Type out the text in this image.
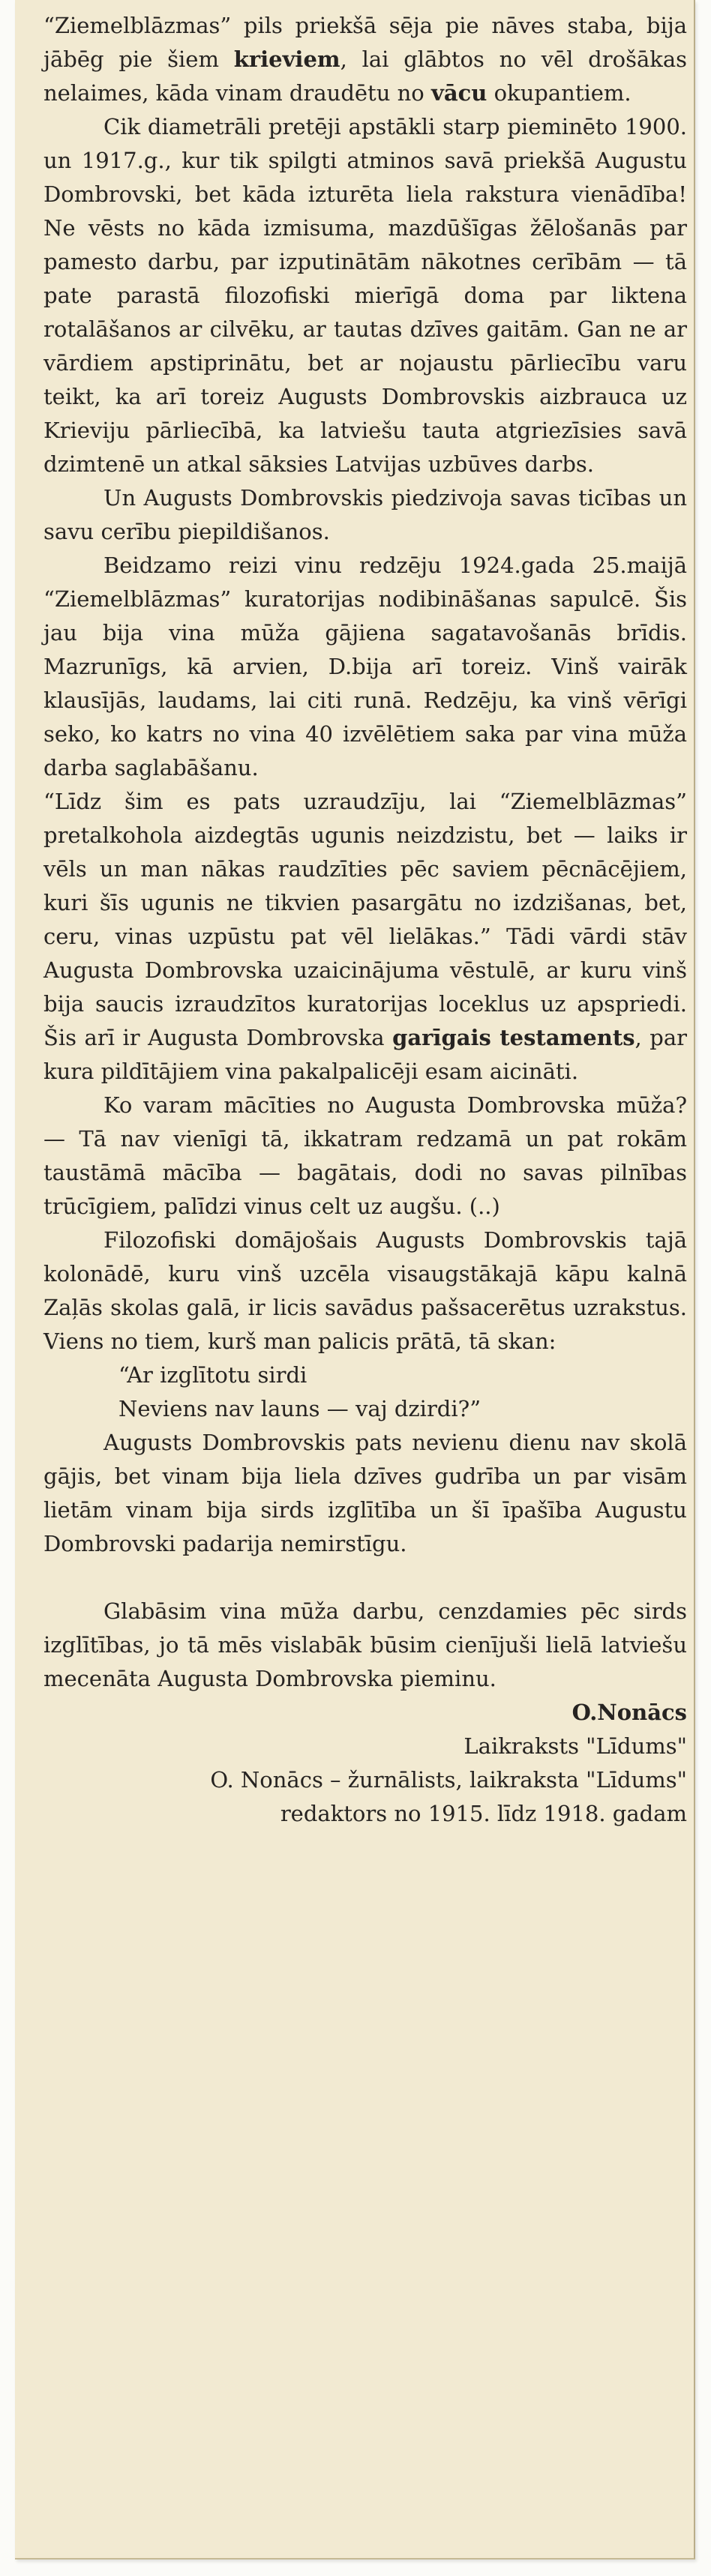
“Ziemelblāzmas” pils priekšā sēja pie nāves staba, bija jābēg pie šiem krieviem, lai glābtos no vēl drošākas nelaimes, kāda vinam draudētu no vācu okupantiem.

Cik diametrāli pretēji apstākli starp pieminēto 1900. un 1917.g., kur tik spilgti atminos savā priekšā Augustu Dombrovski, bet kāda izturēta liela rakstura vienādība! Ne vēsts no kāda izmisuma, mazdūšīgas žēlošanās par pamesto darbu, par izputinātām nākotnes cerībām — tā pate parastā filozofiski mierīgā doma par liktena rotalāšanos ar cilvēku, ar tautas dzīves gaitām. Gan ne ar vārdiem apstiprinātu, bet ar nojaustu pārliecību varu teikt, ka arī toreiz Augusts Dombrovskis aizbrauca uz Krieviju pārliecībā, ka latviešu tauta atgriezīsies savā dzimtenē un atkal sāksies Latvijas uzbūves darbs.

Un Augusts Dombrovskis piedzivoja savas ticības un savu cerību piepildišanos.

Beidzamo reizi vinu redzēju 1924.gada 25.maijā “Ziemelblāzmas” kuratorijas nodibināšanas sapulcē. Šis jau bija vina mūža gājiena sagatavošanās brīdis. Mazrunīgs, kā arvien, D.bija arī toreiz. Vinš vairāk klausījās, laudams, lai citi runā. Redzēju, ka vinš vērīgi seko, ko katrs no vina 40 izvēlētiem saka par vina mūža darba saglabāšanu.

“Līdz šim es pats uzraudzīju, lai “Ziemelblāzmas” pretalkohola aizdegtās ugunis neizdzistu, bet — laiks ir vēls un man nākas raudzīties pēc saviem pēcnācējiem, kuri šīs ugunis ne tikvien pasargātu no izdzišanas, bet, ceru, vinas uzpūstu pat vēl lielākas.” Tādi vārdi stāv Augusta Dombrovska uzaicinājuma vēstulē, ar kuru vinš bija saucis izraudzītos kuratorijas loceklus uz apspriedi. Šis arī ir Augusta Dombrovska garīgais testaments, par kura pildītājiem vina pakalpalicēji esam aicināti.

Ko varam mācīties no Augusta Dombrovska mūža? — Tā nav vienīgi tā, ikkatram redzamā un pat rokām taustāmā mācība — bagātais, dodi no savas pilnības trūcīgiem, palīdzi vinus celt uz augšu. (..)

Filozofiski domājošais Augusts Dombrovskis tajā kolonādē, kuru vinš uzcēla visaugstākajā kāpu kalnā Zaļās skolas galā, ir licis savādus pašsacerētus uzrakstus. Viens no tiem, kurš man palicis prātā, tā skan:

“Ar izglītotu sirdi

Neviens nav launs — vaj dzirdi?”

Augusts Dombrovskis pats nevienu dienu nav skolā gājis, bet vinam bija liela dzīves gudrība un par visām lietām vinam bija sirds izglītība un šī īpašība Augustu Dombrovski padarija nemirstīgu.

Glabāsim vina mūža darbu, cenzdamies pēc sirds izglītības, jo tā mēs vislabāk būsim cienījuši lielā latviešu mecenāta Augusta Dombrovska pieminu.

O.Nonācs

Laikraksts "Līdums"

O. Nonācs – žurnālists, laikraksta "Līdums"

redaktors no 1915. līdz 1918. gadam
